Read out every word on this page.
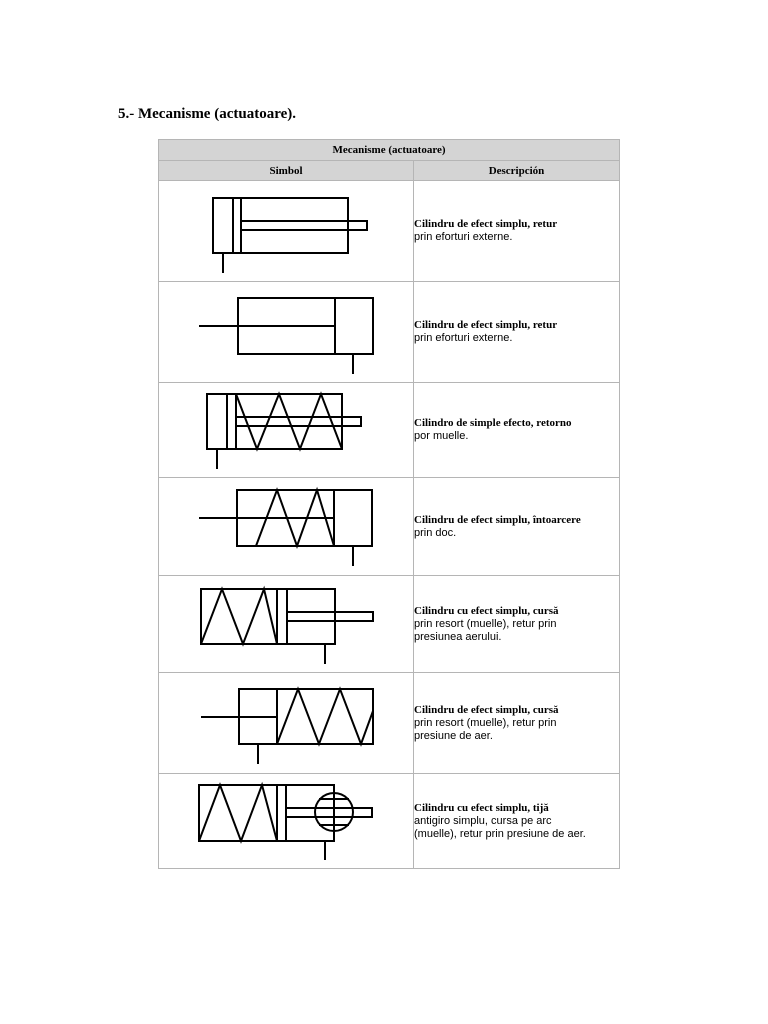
5.- Mecanisme (actuatoare).
Mecanisme (actuatoare)	
Simbol	Descripción

Cilindru de efect simplu, retur
prin eforturi externe.

Cilindru de efect simplu, retur
prin eforturi externe.

Cilindro de simple efecto, retorno
por muelle.

Cilindru de efect simplu, întoarcere
prin doc.

Cilindru cu efect simplu, cursă
prin resort (muelle), retur prin
presiunea aerului.

Cilindru de efect simplu, cursă
prin resort (muelle), retur prin
presiune de aer.

Cilindru cu efect simplu, tijă
antigiro simplu, cursa pe arc
(muelle), retur prin presiune de aer.
